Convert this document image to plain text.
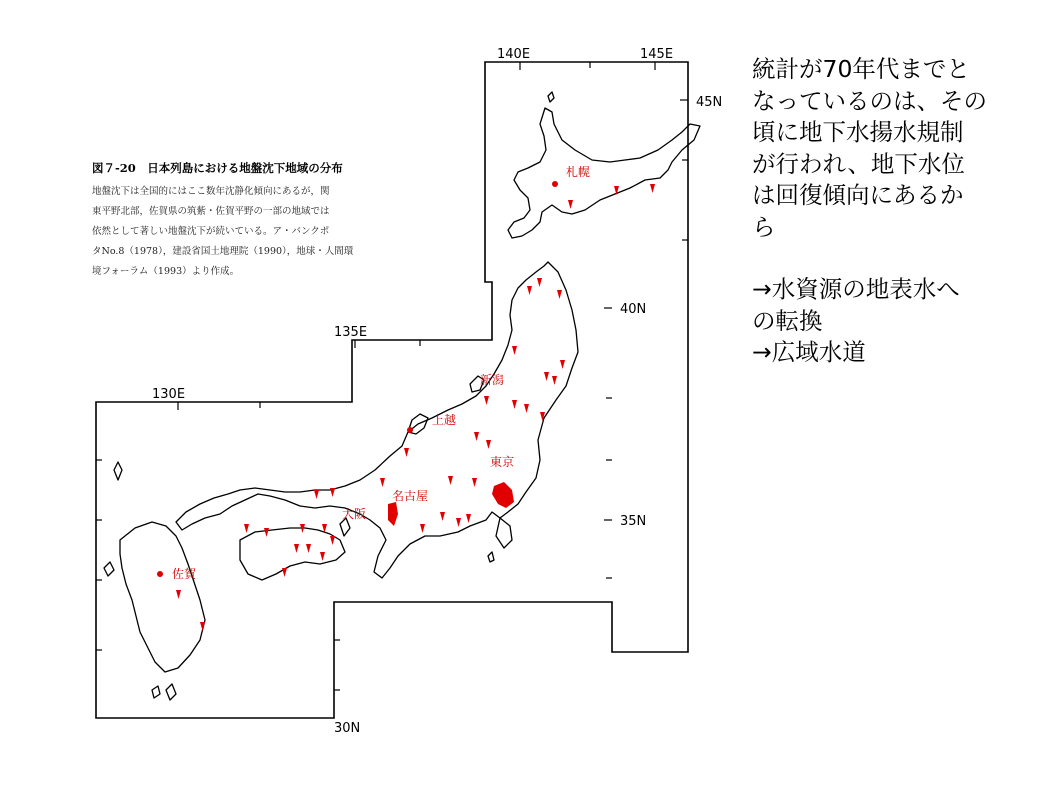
140E	145E
135E
130E
45N
40N
35N
30N
札幌
新潟
上越
東京
名古屋
大阪
佐賀
図７-20　日本列島における地盤沈下地域の分布
地盤沈下は全国的にはここ数年沈静化傾向にあるが，関
東平野北部，佐賀県の筑紫・佐賀平野の一部の地域では
依然として著しい地盤沈下が続いている。ア・バンクポ
タNo.8（1978），建設省国土地理院（1990），地球・人間環
境フォーラム（1993）より作成。

統計が70年代までと

なっているのは、その

頃に地下水揚水規制

が行われ、地下水位

は回復傾向にあるか

ら

→水資源の地表水へ

の転換

→広域水道
